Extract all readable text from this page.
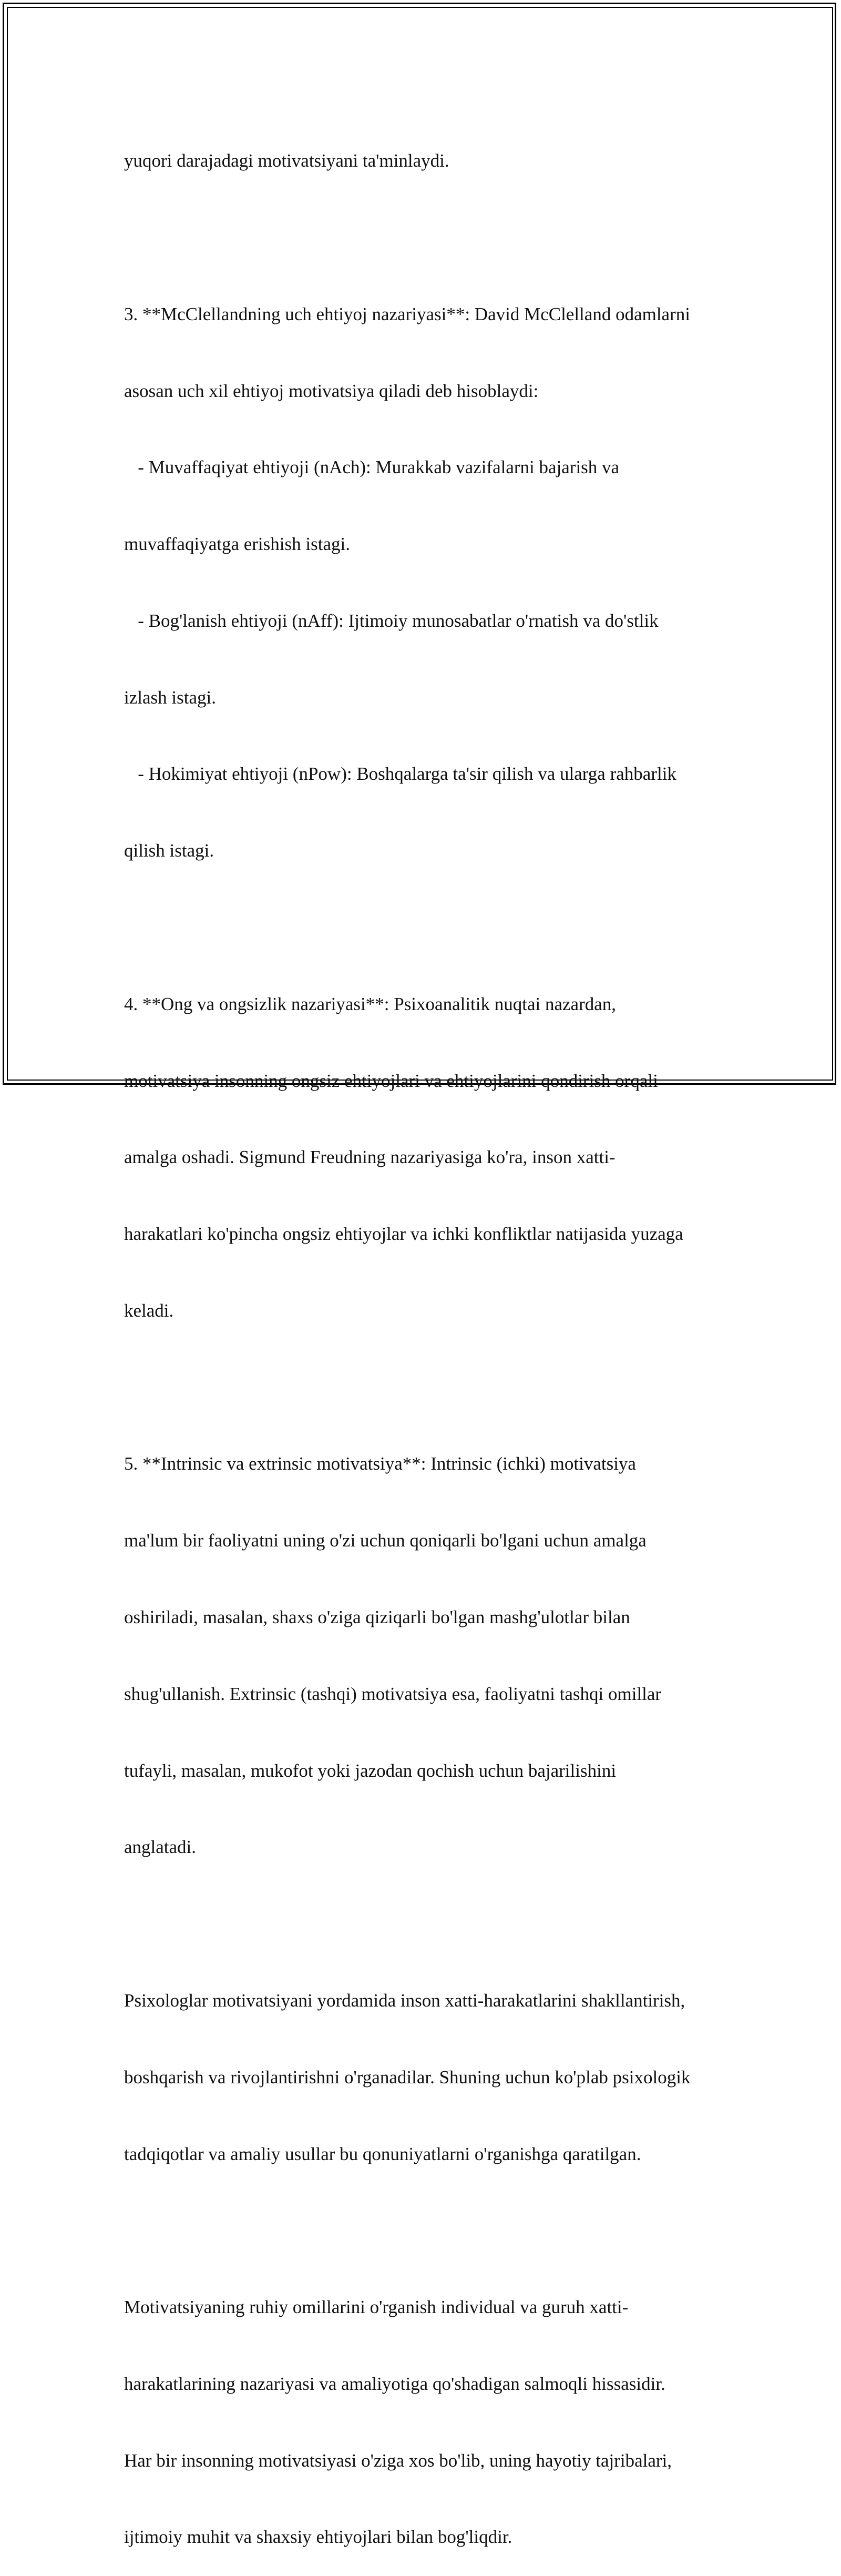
yuqori darajadagi motivatsiyani ta'minlaydi.

3. **McClellandning uch ehtiyoj nazariyasi**: David McClelland odamlarni

asosan uch xil ehtiyoj motivatsiya qiladi deb hisoblaydi:

- Muvaffaqiyat ehtiyoji (nAch): Murakkab vazifalarni bajarish va

muvaffaqiyatga erishish istagi.

- Bog'lanish ehtiyoji (nAff): Ijtimoiy munosabatlar o'rnatish va do'stlik

izlash istagi.

- Hokimiyat ehtiyoji (nPow): Boshqalarga ta'sir qilish va ularga rahbarlik

qilish istagi.

4. **Ong va ongsizlik nazariyasi**: Psixoanalitik nuqtai nazardan,

motivatsiya insonning ongsiz ehtiyojlari va ehtiyojlarini qondirish orqali

amalga oshadi. Sigmund Freudning nazariyasiga ko'ra, inson xatti-

harakatlari ko'pincha ongsiz ehtiyojlar va ichki konfliktlar natijasida yuzaga

keladi.

5. **Intrinsic va extrinsic motivatsiya**: Intrinsic (ichki) motivatsiya

ma'lum bir faoliyatni uning o'zi uchun qoniqarli bo'lgani uchun amalga

oshiriladi, masalan, shaxs o'ziga qiziqarli bo'lgan mashg'ulotlar bilan

shug'ullanish. Extrinsic (tashqi) motivatsiya esa, faoliyatni tashqi omillar

tufayli, masalan, mukofot yoki jazodan qochish uchun bajarilishini

anglatadi.

Psixologlar motivatsiyani yordamida inson xatti-harakatlarini shakllantirish,

boshqarish va rivojlantirishni o'rganadilar. Shuning uchun ko'plab psixologik

tadqiqotlar va amaliy usullar bu qonuniyatlarni o'rganishga qaratilgan.

Motivatsiyaning ruhiy omillarini o'rganish individual va guruh xatti-

harakatlarining nazariyasi va amaliyotiga qo'shadigan salmoqli hissasidir.

Har bir insonning motivatsiyasi o'ziga xos bo'lib, uning hayotiy tajribalari,

ijtimoiy muhit va shaxsiy ehtiyojlari bilan bog'liqdir.
